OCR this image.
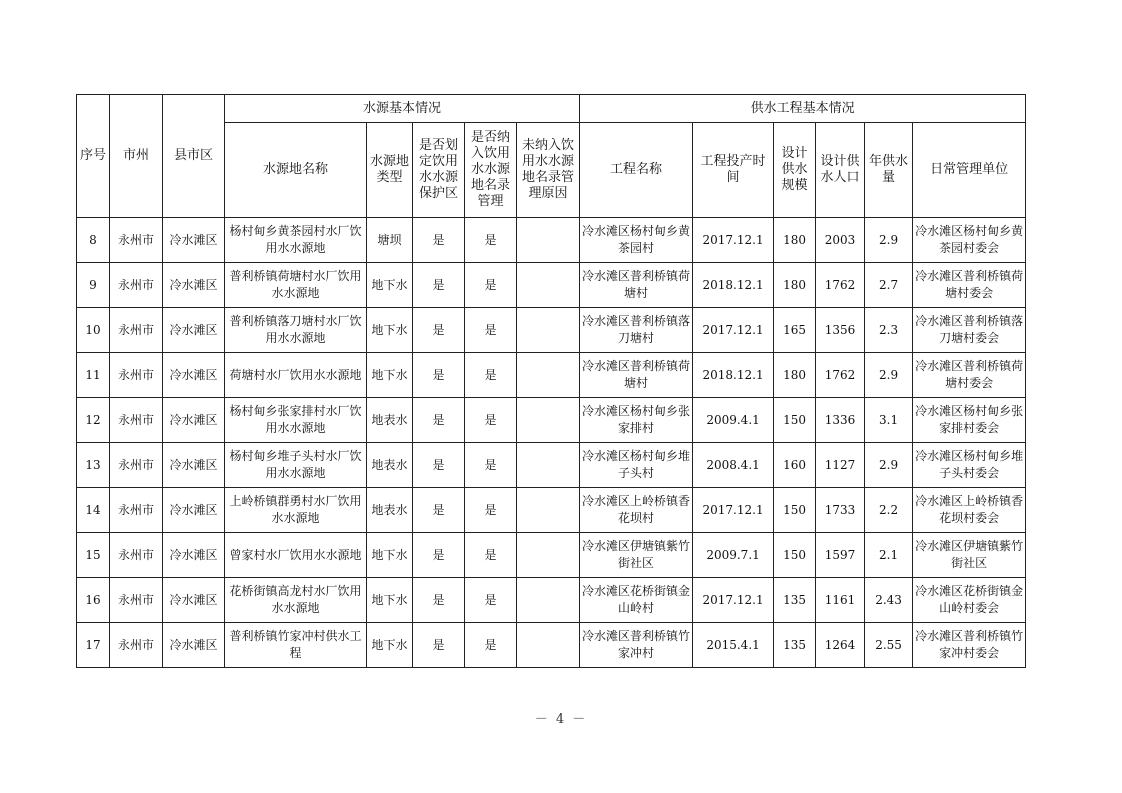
序号	市州	县市区	水源基本情况					供水工程基本情况					
			水源地名称	水源地类型	是否划定饮用水水源保护区	是否纳入饮用水水源地名录管理	未纳入饮用水水源地名录管理原因	工程名称	工程投产时间	设计供水规模	设计供水人口	年供水量	日常管理单位
8	永州市	冷水滩区	杨村甸乡黄茶园村水厂饮用水水源地	塘坝	是	是		冷水滩区杨村甸乡黄茶园村	2017.12.1	180	2003	2.9	冷水滩区杨村甸乡黄茶园村委会
9	永州市	冷水滩区	普利桥镇荷塘村水厂饮用水水源地	地下水	是	是		冷水滩区普利桥镇荷塘村	2018.12.1	180	1762	2.7	冷水滩区普利桥镇荷塘村委会
10	永州市	冷水滩区	普利桥镇落刀塘村水厂饮用水水源地	地下水	是	是		冷水滩区普利桥镇落刀塘村	2017.12.1	165	1356	2.3	冷水滩区普利桥镇落刀塘村委会
11	永州市	冷水滩区	荷塘村水厂饮用水水源地	地下水	是	是		冷水滩区普利桥镇荷塘村	2018.12.1	180	1762	2.9	冷水滩区普利桥镇荷塘村委会
12	永州市	冷水滩区	杨村甸乡张家排村水厂饮用水水源地	地表水	是	是		冷水滩区杨村甸乡张家排村	2009.4.1	150	1336	3.1	冷水滩区杨村甸乡张家排村委会
13	永州市	冷水滩区	杨村甸乡堆子头村水厂饮用水水源地	地表水	是	是		冷水滩区杨村甸乡堆子头村	2008.4.1	160	1127	2.9	冷水滩区杨村甸乡堆子头村委会
14	永州市	冷水滩区	上岭桥镇群勇村水厂饮用水水源地	地表水	是	是		冷水滩区上岭桥镇香花坝村	2017.12.1	150	1733	2.2	冷水滩区上岭桥镇香花坝村委会
15	永州市	冷水滩区	曾家村水厂饮用水水源地	地下水	是	是		冷水滩区伊塘镇紫竹街社区	2009.7.1	150	1597	2.1	冷水滩区伊塘镇紫竹街社区
16	永州市	冷水滩区	花桥街镇高龙村水厂饮用水水源地	地下水	是	是		冷水滩区花桥街镇金山岭村	2017.12.1	135	1161	2.43	冷水滩区花桥街镇金山岭村委会
17	永州市	冷水滩区	普利桥镇竹家冲村供水工程	地下水	是	是		冷水滩区普利桥镇竹家冲村	2015.4.1	135	1264	2.55	冷水滩区普利桥镇竹家冲村委会
－ 4 －
